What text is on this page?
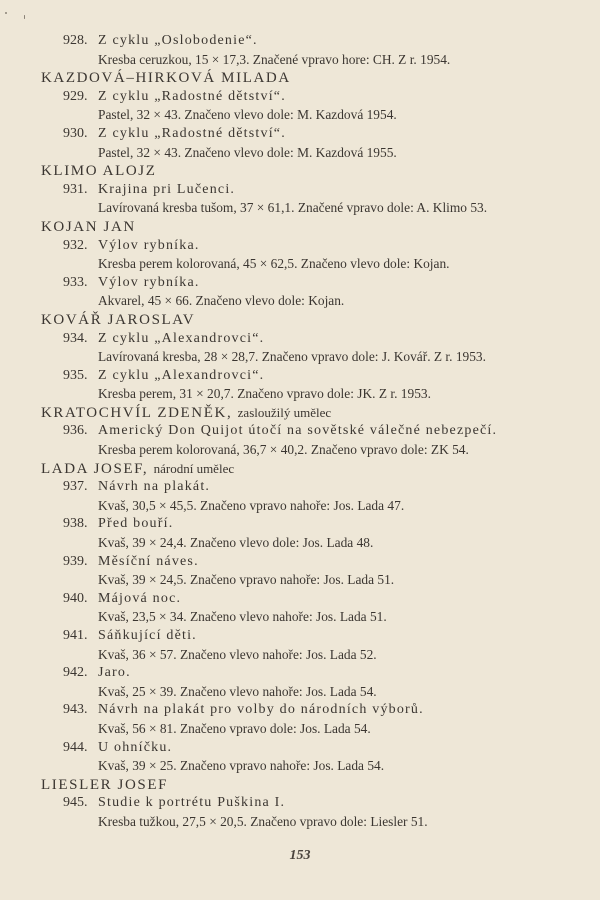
928. Z cyklu „Oslobodenie“.
Kresba ceruzkou, 15 × 17,3. Značené vpravo hore: CH. Z r. 1954.
KAZDOVÁ–HIRKOVÁ MILADA
929. Z cyklu „Radostné dětství“.
Pastel, 32 × 43. Značeno vlevo dole: M. Kazdová 1954.
930. Z cyklu „Radostné dětství“.
Pastel, 32 × 43. Značeno vlevo dole: M. Kazdová 1955.
KLIMO ALOJZ
931. Krajina pri Lučenci.
Lavírovaná kresba tušom, 37 × 61,1. Značené vpravo dole: A. Klimo 53.
KOJAN JAN
932. Výlov rybníka.
Kresba perem kolorovaná, 45 × 62,5. Značeno vlevo dole: Kojan.
933. Výlov rybníka.
Akvarel, 45 × 66. Značeno vlevo dole: Kojan.
KOVÁŘ JAROSLAV
934. Z cyklu „Alexandrovci“.
Lavírovaná kresba, 28 × 28,7. Značeno vpravo dole: J. Kovář. Z r. 1953.
935. Z cyklu „Alexandrovci“.
Kresba perem, 31 × 20,7. Značeno vpravo dole: JK. Z r. 1953.
KRATOCHVÍL ZDENĚK, zasloužilý umělec
936. Americký Don Quijot útočí na sovětské válečné nebezpečí.
Kresba perem kolorovaná, 36,7 × 40,2. Značeno vpravo dole: ZK 54.
LADA JOSEF, národní umělec
937. Návrh na plakát.
Kvaš, 30,5 × 45,5. Značeno vpravo nahoře: Jos. Lada 47.
938. Před bouří.
Kvaš, 39 × 24,4. Značeno vlevo dole: Jos. Lada 48.
939. Měsíční náves.
Kvaš, 39 × 24,5. Značeno vpravo nahoře: Jos. Lada 51.
940. Májová noc.
Kvaš, 23,5 × 34. Značeno vlevo nahoře: Jos. Lada 51.
941. Sáňkující děti.
Kvaš, 36 × 57. Značeno vlevo nahoře: Jos. Lada 52.
942. Jaro.
Kvaš, 25 × 39. Značeno vlevo nahoře: Jos. Lada 54.
943. Návrh na plakát pro volby do národních výborů.
Kvaš, 56 × 81. Značeno vpravo dole: Jos. Lada 54.
944. U ohníčku.
Kvaš, 39 × 25. Značeno vpravo nahoře: Jos. Lada 54.
LIESLER JOSEF
945. Studie k portrétu Puškina I.
Kresba tužkou, 27,5 × 20,5. Značeno vpravo dole: Liesler 51.
153
